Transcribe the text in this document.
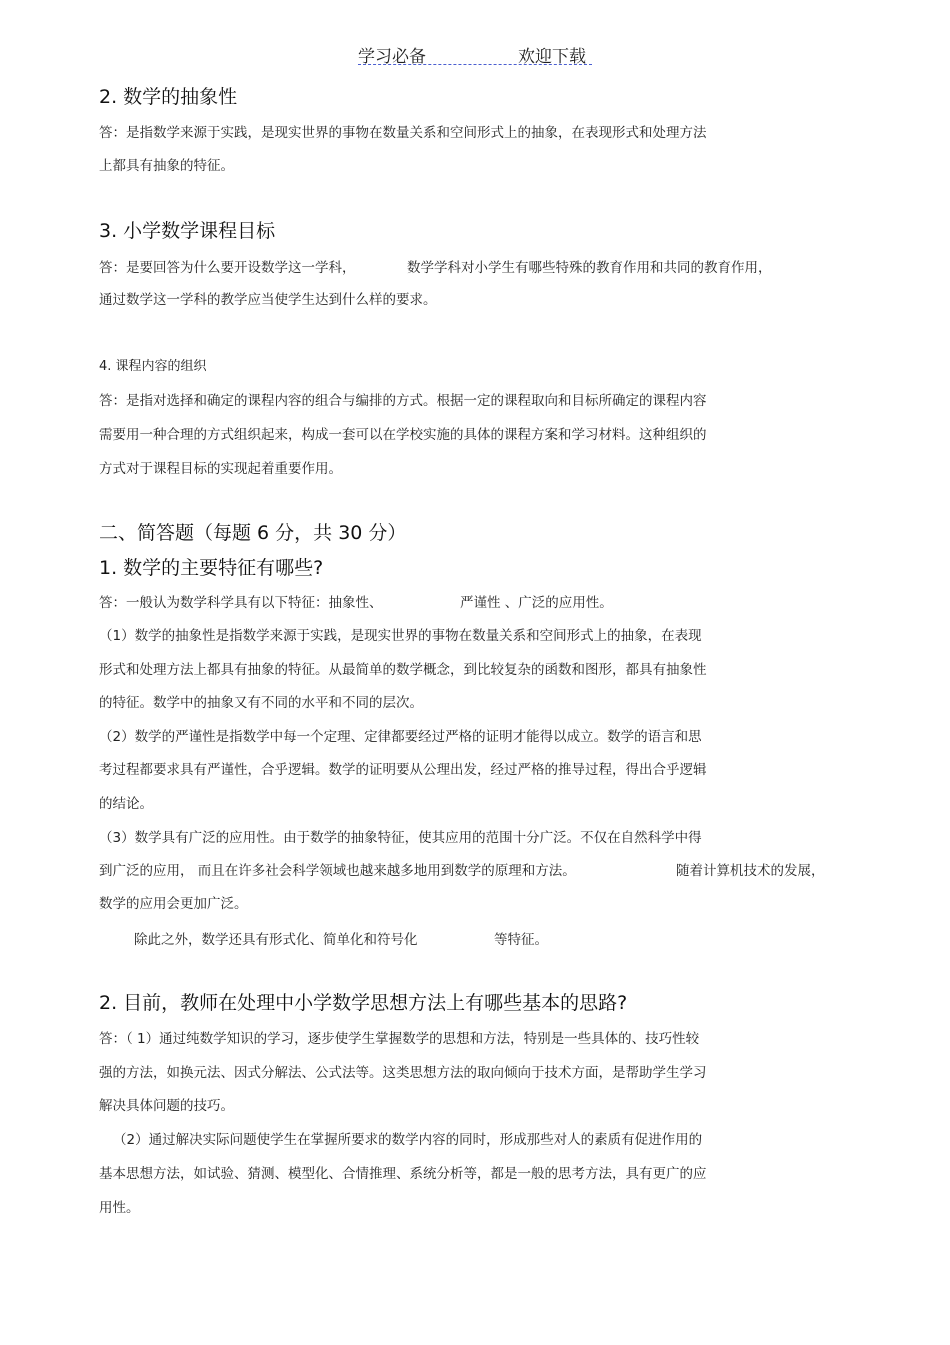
学习必备	欢迎下载
2. 数学的抽象性
答：是指数学来源于实践，是现实世界的事物在数量关系和空间形式上的抽象，在表现形式和处理方法
上都具有抽象的特征。
3. 小学数学课程目标
答：是要回答为什么要开设数学这一学科，	数学学科对小学生有哪些特殊的教育作用和共同的教育作用，
通过数学这一学科的教学应当使学生达到什么样的要求。
4. 课程内容的组织
答：是指对选择和确定的课程内容的组合与编排的方式。根据一定的课程取向和目标所确定的课程内容
需要用一种合理的方式组织起来，构成一套可以在学校实施的具体的课程方案和学习材料。这种组织的
方式对于课程目标的实现起着重要作用。
二、简答题（每题 6 分，共 30 分）
1. 数学的主要特征有哪些?
答：一般认为数学科学具有以下特征：抽象性、	严谨性 、广泛的应用性。
（1）数学的抽象性是指数学来源于实践，是现实世界的事物在数量关系和空间形式上的抽象，在表现
形式和处理方法上都具有抽象的特征。从最简单的数学概念，到比较复杂的函数和图形，都具有抽象性
的特征。数学中的抽象又有不同的水平和不同的层次。
（2）数学的严谨性是指数学中每一个定理、定律都要经过严格的证明才能得以成立。数学的语言和思
考过程都要求具有严谨性，合乎逻辑。数学的证明要从公理出发，经过严格的推导过程，得出合乎逻辑
的结论。
（3）数学具有广泛的应用性。由于数学的抽象特征，使其应用的范围十分广泛。不仅在自然科学中得
到广泛的应用， 而且在许多社会科学领域也越来越多地用到数学的原理和方法。	随着计算机技术的发展，
数学的应用会更加广泛。
除此之外，数学还具有形式化、简单化和符号化	等特征。
2. 目前，教师在处理中小学数学思想方法上有哪些基本的思路?
答：（ 1）通过纯数学知识的学习，逐步使学生掌握数学的思想和方法，特别是一些具体的、技巧性较
强的方法，如换元法、因式分解法、公式法等。这类思想方法的取向倾向于技术方面，是帮助学生学习
解决具体问题的技巧。
（2）通过解决实际问题使学生在掌握所要求的数学内容的同时，形成那些对人的素质有促进作用的
基本思想方法，如试验、猜测、模型化、合情推理、系统分析等，都是一般的思考方法，具有更广的应
用性。
